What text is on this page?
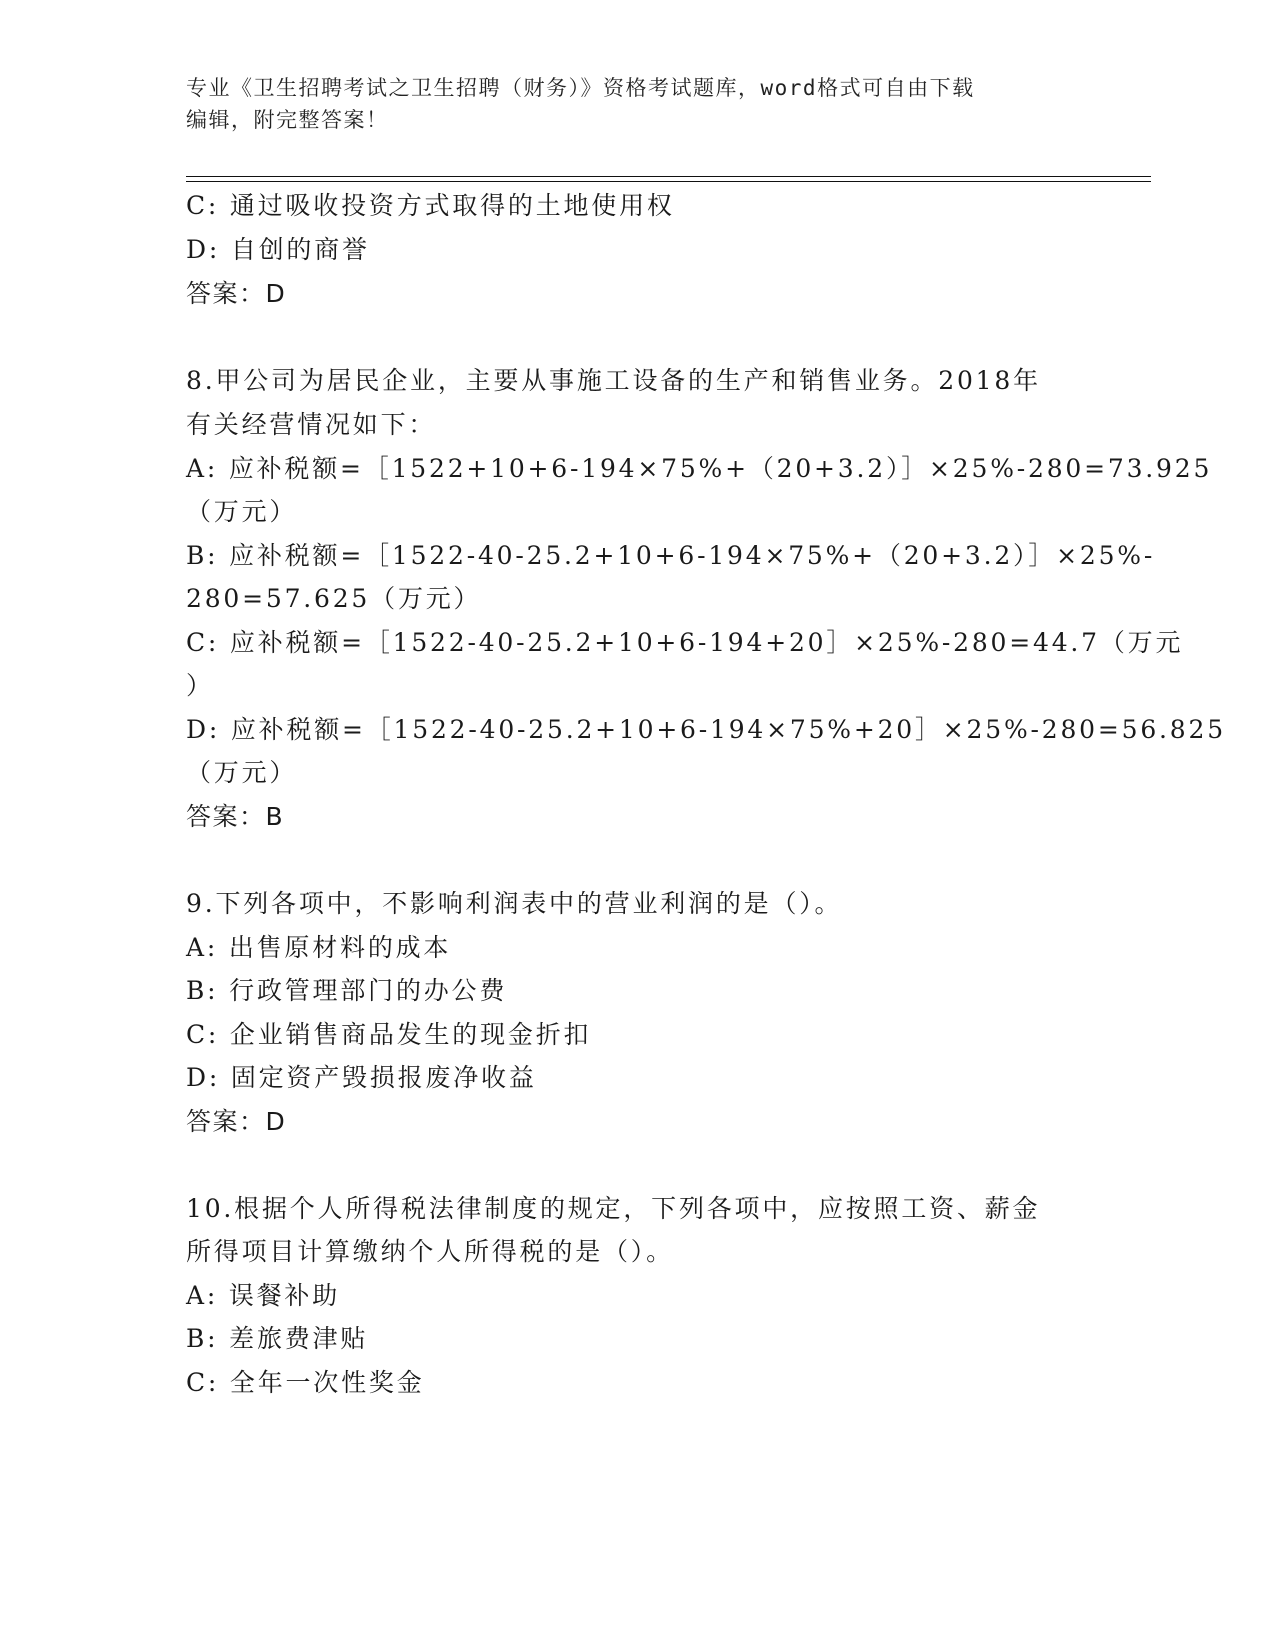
专业《卫生招聘考试之卫生招聘（财务）》资格考试题库，word格式可自由下载
编辑，附完整答案！
C: 通过吸收投资方式取得的土地使用权
D: 自创的商誉
答案：D
8.甲公司为居民企业，主要从事施工设备的生产和销售业务。2018年
有关经营情况如下：
A: 应补税额=［1522+10+6-194×75%+（20+3.2）］×25%-280=73.925
（万元）
B: 应补税额=［1522-40-25.2+10+6-194×75%+（20+3.2）］×25%-
280=57.625（万元）
C: 应补税额=［1522-40-25.2+10+6-194+20］×25%-280=44.7（万元
）
D: 应补税额=［1522-40-25.2+10+6-194×75%+20］×25%-280=56.825
（万元）
答案：B
9.下列各项中，不影响利润表中的营业利润的是（）。
A: 出售原材料的成本
B: 行政管理部门的办公费
C: 企业销售商品发生的现金折扣
D: 固定资产毁损报废净收益
答案：D
10.根据个人所得税法律制度的规定，下列各项中，应按照工资、薪金
所得项目计算缴纳个人所得税的是（）。
A: 误餐补助
B: 差旅费津贴
C: 全年一次性奖金
